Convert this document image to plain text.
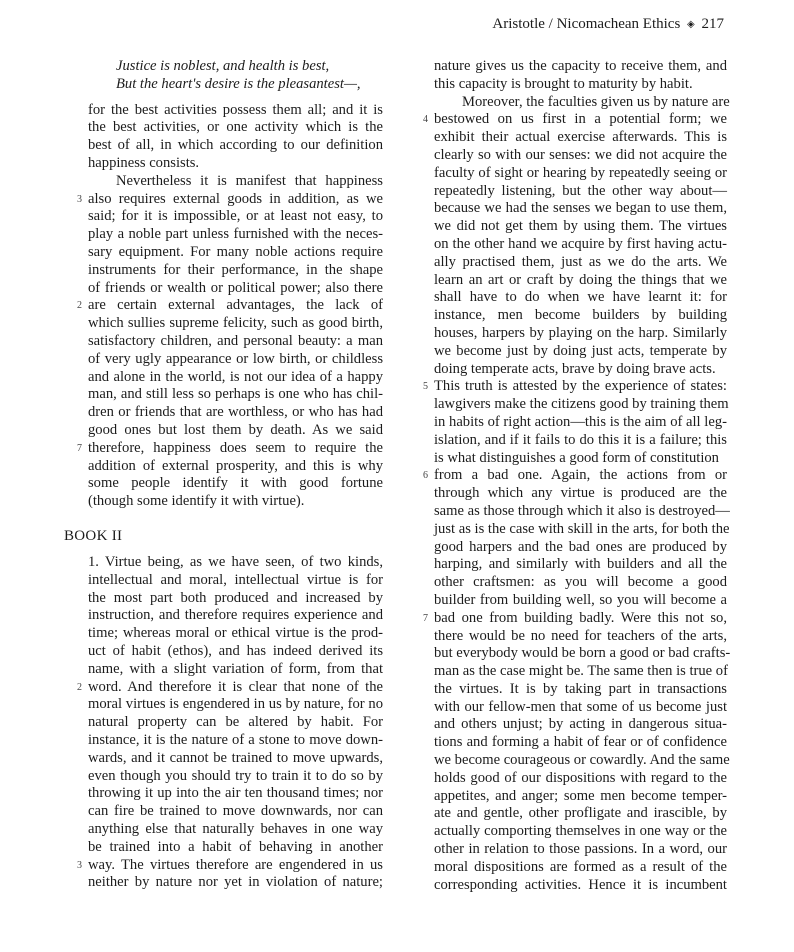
Aristotle / Nicomachean Ethics ◈ 217
Justice is noblest, and health is best,
But the heart's desire is the pleasantest—,
for the best activities possess them all; and it is
the best activities, or one activity which is the
best of all, in which according to our definition
happiness consists.
Nevertheless it is manifest that happiness
also requires external goods in addition, as we
3
said; for it is impossible, or at least not easy, to
play a noble part unless furnished with the neces-
sary equipment. For many noble actions require
instruments for their performance, in the shape
of friends or wealth or political power; also there
are certain external advantages, the lack of
2
which sullies supreme felicity, such as good birth,
satisfactory children, and personal beauty: a man
of very ugly appearance or low birth, or childless
and alone in the world, is not our idea of a happy
man, and still less so perhaps is one who has chil-
dren or friends that are worthless, or who has had
good ones but lost them by death. As we said
therefore, happiness does seem to require the
7
addition of external prosperity, and this is why
some people identify it with good fortune
(though some identify it with virtue).
1. Virtue being, as we have seen, of two kinds,
intellectual and moral, intellectual virtue is for
the most part both produced and increased by
instruction, and therefore requires experience and
time; whereas moral or ethical virtue is the prod-
uct of habit (ethos), and has indeed derived its
name, with a slight variation of form, from that
word. And therefore it is clear that none of the
2
moral virtues is engendered in us by nature, for no
natural property can be altered by habit. For
instance, it is the nature of a stone to move down-
wards, and it cannot be trained to move upwards,
even though you should try to train it to do so by
throwing it up into the air ten thousand times; nor
can fire be trained to move downwards, nor can
anything else that naturally behaves in one way
be trained into a habit of behaving in another
way. The virtues therefore are engendered in us
3
neither by nature nor yet in violation of nature;
BOOK II
nature gives us the capacity to receive them, and
this capacity is brought to maturity by habit.
Moreover, the faculties given us by nature are
bestowed on us first in a potential form; we
4
exhibit their actual exercise afterwards. This is
clearly so with our senses: we did not acquire the
faculty of sight or hearing by repeatedly seeing or
repeatedly listening, but the other way about—
because we had the senses we began to use them,
we did not get them by using them. The virtues
on the other hand we acquire by first having actu-
ally practised them, just as we do the arts. We
learn an art or craft by doing the things that we
shall have to do when we have learnt it: for
instance, men become builders by building
houses, harpers by playing on the harp. Similarly
we become just by doing just acts, temperate by
doing temperate acts, brave by doing brave acts.
This truth is attested by the experience of states:
5
lawgivers make the citizens good by training them
in habits of right action—this is the aim of all leg-
islation, and if it fails to do this it is a failure; this
is what distinguishes a good form of constitution
from a bad one. Again, the actions from or
6
through which any virtue is produced are the
same as those through which it also is destroyed—
just as is the case with skill in the arts, for both the
good harpers and the bad ones are produced by
harping, and similarly with builders and all the
other craftsmen: as you will become a good
builder from building well, so you will become a
bad one from building badly. Were this not so,
7
there would be no need for teachers of the arts,
but everybody would be born a good or bad crafts-
man as the case might be. The same then is true of
the virtues. It is by taking part in transactions
with our fellow-men that some of us become just
and others unjust; by acting in dangerous situa-
tions and forming a habit of fear or of confidence
we become courageous or cowardly. And the same
holds good of our dispositions with regard to the
appetites, and anger; some men become temper-
ate and gentle, other profligate and irascible, by
actually comporting themselves in one way or the
other in relation to those passions. In a word, our
moral dispositions are formed as a result of the
corresponding activities. Hence it is incumbent
